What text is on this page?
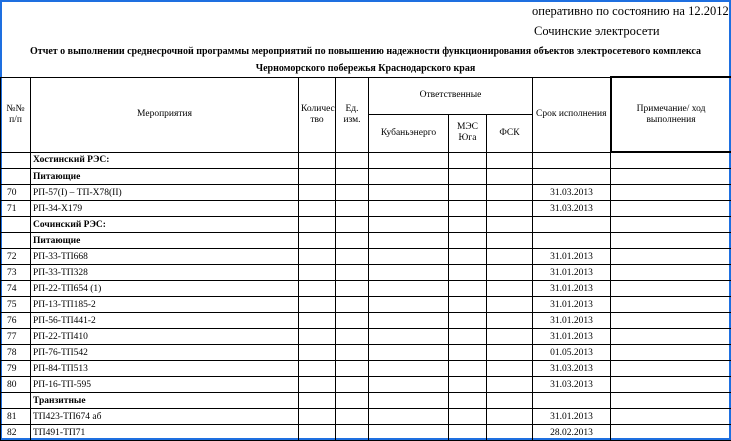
оперативно по состоянию на 12.2012
Сочинские электросети
Отчет о выполнении среднесрочной программы мероприятий по повышению надежности функционирования объектов электросетевого комплекса
Черноморского побережья Краснодарского края
№№ п/п	Мероприятия	Количес тво	Ед. изм.	Ответственные			Срок исполнения	Примечание/ ход выполнения
				Кубаньэнерго	МЭС Юга	ФСК		
	Хостинский РЭС:							
	Питающие							
70	РП-57(I) – ТП-Х78(II)						31.03.2013	
71	РП-34-Х179						31.03.2013	
	Сочинский РЭС:							
	Питающие							
72	РП-33-ТП668						31.01.2013	
73	РП-33-ТП328						31.01.2013	
74	РП-22-ТП654 (1)						31.01.2013	
75	РП-13-ТП185-2						31.01.2013	
76	РП-56-ТП441-2						31.01.2013	
77	РП-22-ТП410						31.01.2013	
78	РП-76-ТП542						01.05.2013	
79	РП-84-ТП513						31.03.2013	
80	РП-16-ТП-595						31.03.2013	
	Транзитные							
81	ТП423-ТП674 аб						31.01.2013	
82	ТП491-ТП71						28.02.2013	
